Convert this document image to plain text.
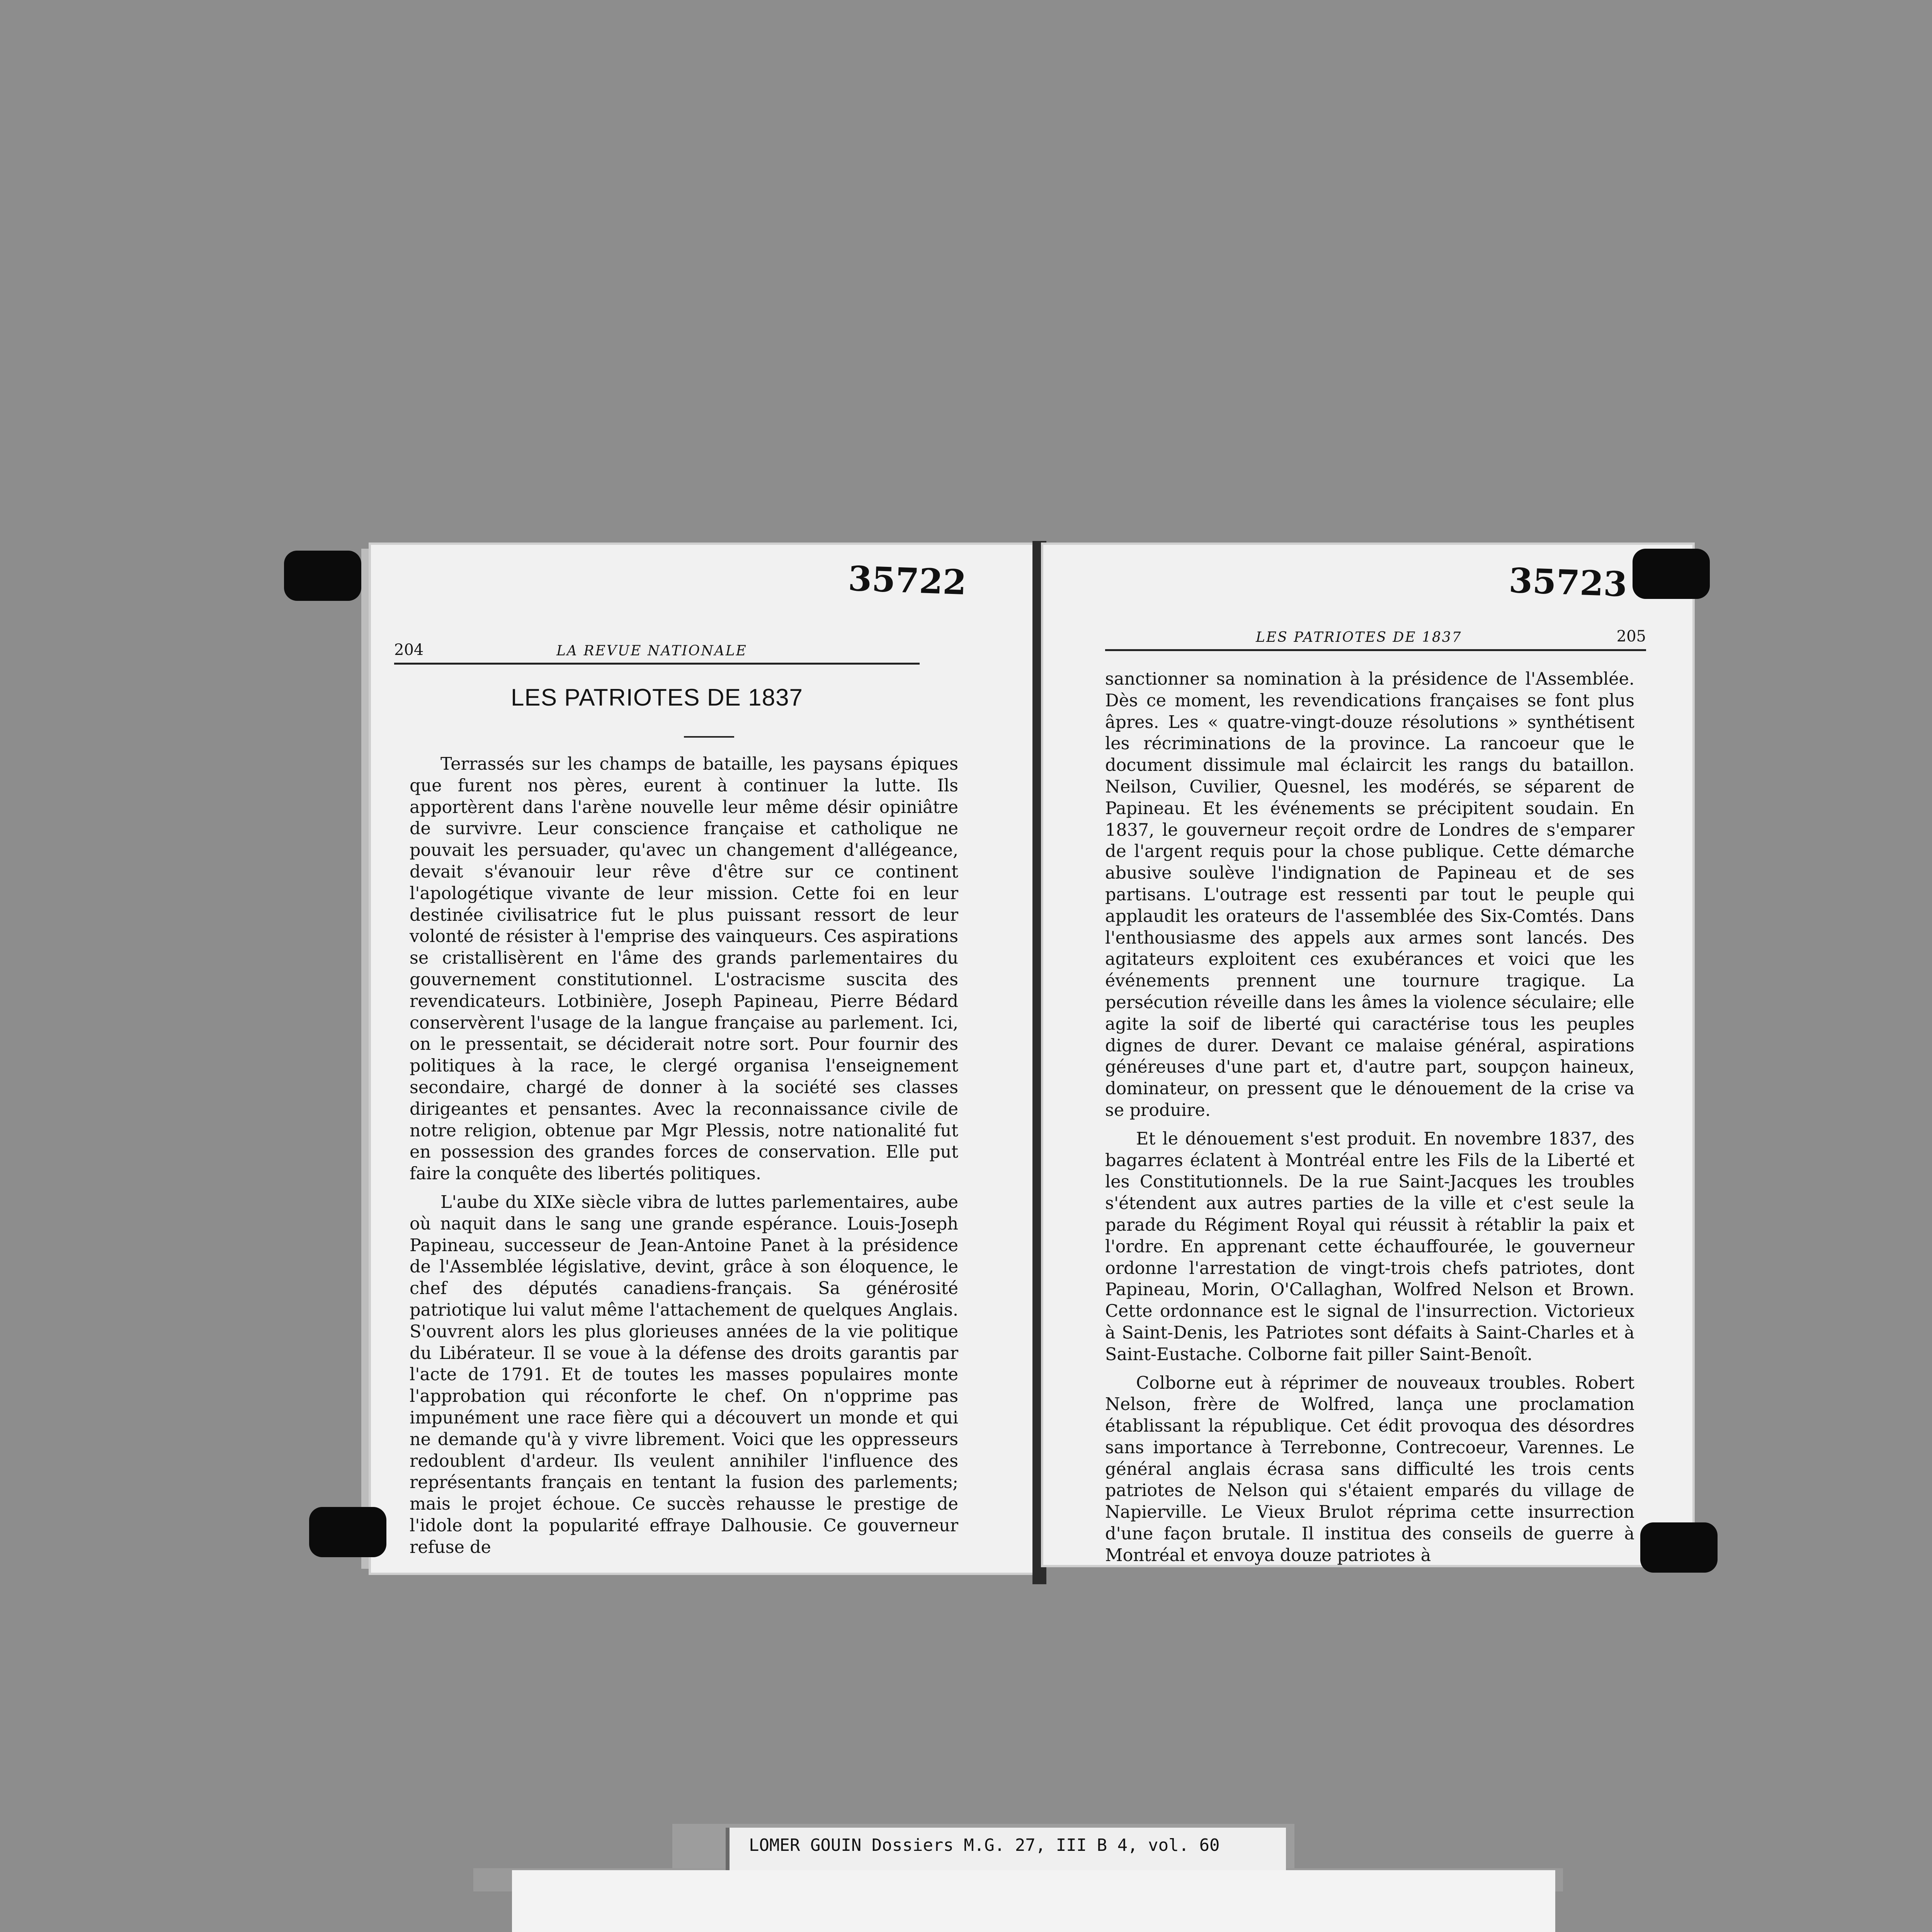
35722
204	LA REVUE NATIONALE
LES PATRIOTES DE 1837

Terrassés sur les champs de bataille, les paysans épiques que furent nos pères, eurent à continuer la lutte. Ils apportèrent dans l'arène nouvelle leur même désir opiniâtre de survivre. Leur conscience française et catholique ne pouvait les persuader, qu'avec un changement d'allégeance, devait s'évanouir leur rêve d'être sur ce continent l'apologétique vivante de leur mission. Cette foi en leur destinée civilisatrice fut le plus puissant ressort de leur volonté de résister à l'emprise des vainqueurs. Ces aspirations se cristallisèrent en l'âme des grands parlementaires du gouvernement constitutionnel. L'ostracisme suscita des revendicateurs. Lotbinière, Joseph Papineau, Pierre Bédard conservèrent l'usage de la langue française au parlement. Ici, on le pressentait, se déciderait notre sort. Pour fournir des politiques à la race, le clergé organisa l'enseignement secondaire, chargé de donner à la société ses classes dirigeantes et pensantes. Avec la reconnaissance civile de notre religion, obtenue par Mgr Plessis, notre nationalité fut en possession des grandes forces de conservation. Elle put faire la conquête des libertés politiques.

L'aube du XIXe siècle vibra de luttes parlementaires, aube où naquit dans le sang une grande espérance. Louis-Joseph Papineau, successeur de Jean-Antoine Panet à la présidence de l'Assemblée législative, devint, grâce à son éloquence, le chef des députés canadiens-français. Sa générosité patriotique lui valut même l'attachement de quelques Anglais. S'ouvrent alors les plus glorieuses années de la vie politique du Libérateur. Il se voue à la défense des droits garantis par l'acte de 1791. Et de toutes les masses populaires monte l'approbation qui réconforte le chef. On n'opprime pas impunément une race fière qui a découvert un monde et qui ne demande qu'à y vivre librement. Voici que les oppresseurs redoublent d'ardeur. Ils veulent annihiler l'influence des représentants français en tentant la fusion des parlements; mais le projet échoue. Ce succès rehausse le prestige de l'idole dont la popularité effraye Dalhousie. Ce gouverneur refuse de

35723
LES PATRIOTES DE 1837	205

sanctionner sa nomination à la présidence de l'Assemblée. Dès ce moment, les revendications françaises se font plus âpres. Les « quatre-vingt-douze résolutions » synthétisent les récriminations de la province. La rancoeur que le document dissimule mal éclaircit les rangs du bataillon. Neilson, Cuvilier, Quesnel, les modérés, se séparent de Papineau. Et les événements se précipitent soudain. En 1837, le gouverneur reçoit ordre de Londres de s'emparer de l'argent requis pour la chose publique. Cette démarche abusive soulève l'indignation de Papineau et de ses partisans. L'outrage est ressenti par tout le peuple qui applaudit les orateurs de l'assemblée des Six-Comtés. Dans l'enthousiasme des appels aux armes sont lancés. Des agitateurs exploitent ces exubérances et voici que les événements prennent une tournure tragique. La persécution réveille dans les âmes la violence séculaire; elle agite la soif de liberté qui caractérise tous les peuples dignes de durer. Devant ce malaise général, aspirations généreuses d'une part et, d'autre part, soupçon haineux, dominateur, on pressent que le dénouement de la crise va se produire.

Et le dénouement s'est produit. En novembre 1837, des bagarres éclatent à Montréal entre les Fils de la Liberté et les Constitutionnels. De la rue Saint-Jacques les troubles s'étendent aux autres parties de la ville et c'est seule la parade du Régiment Royal qui réussit à rétablir la paix et l'ordre. En apprenant cette échauffourée, le gouverneur ordonne l'arrestation de vingt-trois chefs patriotes, dont Papineau, Morin, O'Callaghan, Wolfred Nelson et Brown. Cette ordonnance est le signal de l'insurrection. Victorieux à Saint-Denis, les Patriotes sont défaits à Saint-Charles et à Saint-Eustache. Colborne fait piller Saint-Benoît.

Colborne eut à réprimer de nouveaux troubles. Robert Nelson, frère de Wolfred, lança une proclamation établissant la république. Cet édit provoqua des désordres sans importance à Terrebonne, Contrecoeur, Varennes. Le général anglais écrasa sans difficulté les trois cents patriotes de Nelson qui s'étaient emparés du village de Napierville. Le Vieux Brulot réprima cette insurrection d'une façon brutale. Il institua des conseils de guerre à Montréal et envoya douze patriotes à

LOMER GOUIN Dossiers M.G. 27, III B 4, vol. 60
